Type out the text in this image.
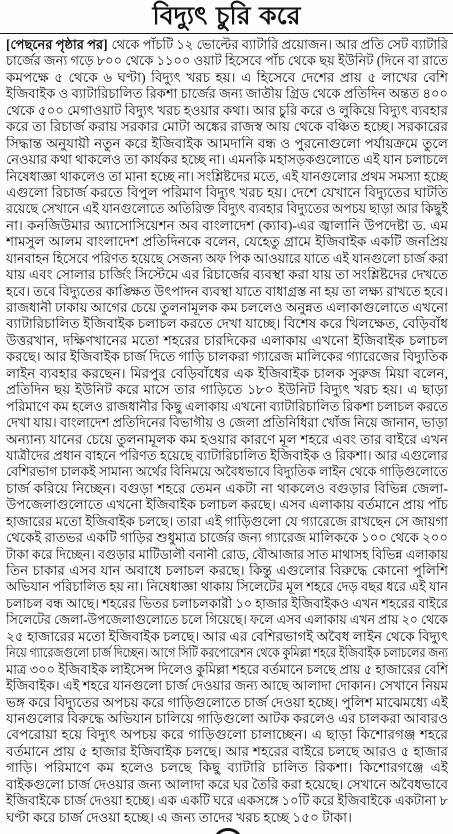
বিদ্যুৎ চুরি করে
[পেছনের পৃষ্ঠার পর] থেকে পাঁচটি ১২ ভোল্টের ব্যাটারি প্রয়োজন। আর প্রতি সেট ব্যাটারি
চার্জের জন্য গড়ে ৮০০ থেকে ১১০০ ওয়াট হিসেবে পাঁচ থেকে ছয় ইউনিট (দিনে বা রাতে
কমপক্ষে ৫ থেকে ৬ ঘণ্টা) বিদ্যুৎ খরচ হয়। এ হিসেবে দেশের প্রায় ৫ লাখের বেশি
ইজিবাইক ও ব্যাটারিচালিত রিকশা চার্জের জন্য জাতীয় গ্রিড থেকে প্রতিদিন অন্তত ৪০০
থেকে ৫০০ মেগাওয়াট বিদ্যুৎ খরচ হওয়ার কথা। আর চুরি করে ও লুকিয়ে বিদ্যুৎ ব্যবহার
করে তা রিচার্জ করায় সরকার মোটা অঙ্কের রাজস্ব আয় থেকে বঞ্চিত হচ্ছে। সরকারের
সিদ্ধান্ত অনুযায়ী নতুন করে ইজিবাইক আমদানি বন্ধ ও পুরনোগুলো পর্যায়ক্রমে তুলে
নেওয়ার কথা থাকলেও তা কার্যকর হচ্ছে না। এমনকি মহাসড়কগুলোতে এই যান চলাচলে
নিষেধাজ্ঞা থাকলেও তা মানা হচ্ছে না। সংশ্লিষ্টদের মতে, এই যানগুলোর প্রথম সমস্যা হচ্ছে
এগুলো রিচার্জ করতে বিপুল পরিমাণ বিদ্যুৎ খরচ হয়। দেশে যেখানে বিদ্যুতের ঘাটতি
রয়েছে সেখানে এই যানগুলোতে অতিরিক্ত বিদ্যুৎ ব্যবহার বিদ্যুতের অপচয় ছাড়া আর কিছুই
না। কনজিউমার অ্যাসোসিয়েশন অব বাংলাদেশ (ক্যাব)-এর জ্বালানি উপদেষ্টা ড. এম
শামসুল আলম বাংলাদেশ প্রতিদিনকে বলেন, যেহেতু গ্রামে ইজিবাইক একটি জনপ্রিয়
যানবাহন হিসেবে পরিণত হয়েছে সেজন্য অফ পিক আওয়ারে যাতে এই যানগুলো চার্জ করা
যায় এবং সোলার চার্জিং সিস্টেমে এর রিচার্জের ব্যবস্থা করা যায় তা সংশ্লিষ্টদের দেখতে
হবে। তবে বিদ্যুতের কাঙ্ক্ষিত উৎপাদন ব্যবস্থা যাতে বাধাগ্রস্ত না হয় তা লক্ষ্য রাখতে হবে।
রাজধানী ঢাকায় আগের চেয়ে তুলনামূলক কম চললেও অনুন্নত এলাকাগুলোতে এখনো
ব্যাটারিচালিত ইজিবাইক চলাচল করতে দেখা যাচ্ছে। বিশেষ করে খিলক্ষেত, বেড়িবাঁধ
উত্তরখান, দক্ষিণখানের মতো শহরের চারদিকের এলাকায় এখনো ইজিবাইক চলাচল
করছে। আর ইজিবাইক চার্জ দিতে গাড়ি চালকরা গ্যারেজ মালিকের গ্যারেজের বিদ্যুতিক
লাইন ব্যবহার করছেন। মিরপুর বেড়িবাঁধের এক ইজিবাইক চালক সুরুজ মিয়া বলেন,
প্রতিদিন ছয় ইউনিট করে মাসে তার গাড়িতে ১৮০ ইউনিট বিদ্যুৎ খরচ হয়। এ ছাড়া
পরিমাণে কম হলেও রাজধানীর কিছু এলাকায় এখনো ব্যাটারিচালিত রিকশা চলাচল করতে
দেখা যায়। বাংলাদেশ প্রতিদিনের বিভাগীয় ও জেলা প্রতিনিধিরা খোঁজ নিয়ে জানান, ভাড়া
অন্যান্য যানের চেয়ে তুলনামূলক কম হওয়ার কারণে মূল শহরে এবং তার বাইরে এখন
যাত্রীদের প্রধান বাহনে পরিণত হয়েছে ব্যাটারিচালিত ইজিবাইক ও রিকশা। আর এগুলোর
বেশিরভাগ চালকই সামান্য অর্থের বিনিময়ে অবৈধভাবে বিদ্যুতিক লাইন থেকে গাড়িগুলোতে
চার্জ করিয়ে নিচ্ছেন। বগুড়া শহরে তেমন একটা না থাকলেও বগুড়ার বিভিন্ন জেলা-
উপজেলাগুলোতে এখনো ইজিবাইক চলাচল করছে। এসব এলাকায় বর্তমানে প্রায় পাঁচ
হাজারের মতো ইজিবাইক চলছে। তারা এই গাড়িগুলো যে গ্যারেজে রাখছেন সে জায়গা
থেকেই রাতভর একটি গাড়ির শুধুমাত্র চার্জের জন্য গ্যারেজ মালিককে ১০০ থেকে ২০০
টাকা করে দিচ্ছেন। বগুড়ার মাটিডালী বনানী রোড, বৌআজার সাত মাথাসহ বিভিন্ন এলাকায়
তিন চাকার এসব যান অবাধে চলাচল করছে। কিন্তু এগুলোর বিরুদ্ধে কোনো পুলিশি
অভিযান পরিচালিত হয় না। নিষেধাজ্ঞা থাকায় সিলেটের মূল শহরে দেড় বছর ধরে এই যান
চলাচল বন্ধ আছে। শহরের ভিতর চলাচলকারী ১০ হাজার ইজিবাইকও এখন শহরের বাইরে
সিলেটের জেলা-উপজেলাগুলোতে চলে গিয়েছে। ফলে এসব এলাকায় এখন প্রায় ২০ থেকে
২৫ হাজারের মতো ইজিবাইক চলছে। আর এর বেশিরভাগই অবৈধ লাইন থেকে বিদ্যুৎ
নিয়ে গ্যারেজগুলো চার্জ দিচ্ছেন। আগে সিটি করপোরেশন থেকে কুমিল্লা শহরে ইজিবাইক চলাচলের জন্য
মাত্র ৩০০ ইজিবাইক লাইসেন্স দিলেও কুমিল্লা শহরে বর্তমানে চলছে প্রায় ৫ হাজারের বেশি
ইজিবাইক। এই শহরে যানগুলো চার্জ দেওয়ার জন্য আছে আলাদা দোকান। সেখানে নিয়ম
ভঙ্গ করে বিদ্যুতের অপচয় করে গাড়িগুলোতে চার্জ দেওয়া হচ্ছে। পুলিশ মাঝেমধ্যে এই
যানগুলোর বিরুদ্ধে অভিযান চালিয়ে গাড়িগুলো আটক করলেও এর চালকরা আবারও
বেপরোয়া হয়ে বিদ্যুৎ অপচয় করে গাড়িগুলো চালাচ্ছেন। এ ছাড়া কিশোরগঞ্জ শহরে
বর্তমানে প্রায় ৫ হাজার ইজিবাইক চলছে। আর শহরের বাইরে চলছে আরও ৫ হাজার
গাড়ি। পরিমাণে কম হলেও চলছে কিছু ব্যাটারি চালিত রিকশা। কিশোরগঞ্জে এই
বাইকগুলো চার্জ দেওয়ার জন্য আলাদা করে ঘর তৈরি করা হয়েছে। সেখানে অবৈধভাবে
ইজিবাইকে চার্জ দেওয়া হচ্ছে। এক একটি ঘরে একসঙ্গে ১০টি করে ইজিবাইকে একটানা ৮
ঘণ্টা করে চার্জ দেওয়া হচ্ছে। এ জন্য তাদের খরচ হচ্ছে ১৫০ টাকা।
